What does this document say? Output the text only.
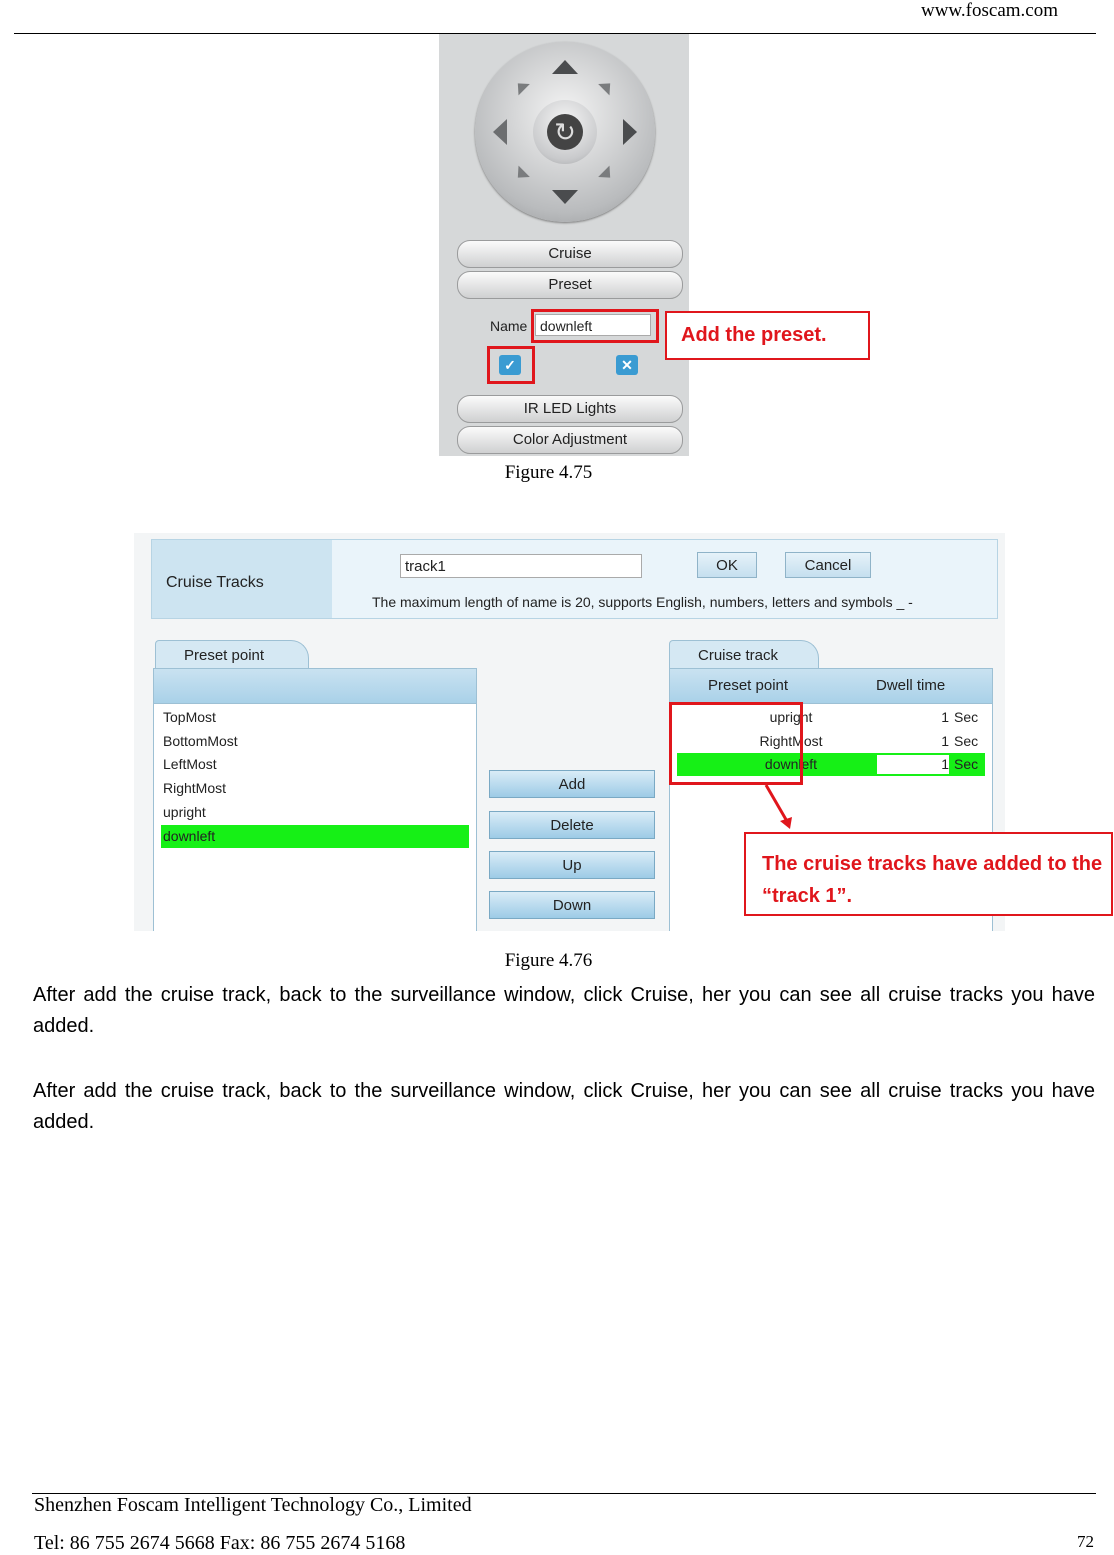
www.foscam.com
↻
Cruise
Preset
Name downleft
✓	✕
IR LED Lights
Color Adjustment
Add the preset.
Figure 4.75
Cruise Tracks
track1	OK	Cancel
The maximum length of name is 20, supports English, numbers, letters and symbols _ -
Preset point
TopMost
BottomMost
LeftMost
RightMost
upright
downleft
Add
Delete
Up
Down
Cruise track
Preset point	Dwell time
upright	1 Sec
RightMost	1 Sec
downleft	1 Sec
The cruise tracks have added to the “track 1”.
Figure 4.76
After add the cruise track, back to the surveillance window, click Cruise, her you can see all cruise tracks you have added.
After add the cruise track, back to the surveillance window, click Cruise, her you can see all cruise tracks you have added.
Shenzhen Foscam Intelligent Technology Co., Limited
Tel: 86 755 2674 5668 Fax: 86 755 2674 5168	72
